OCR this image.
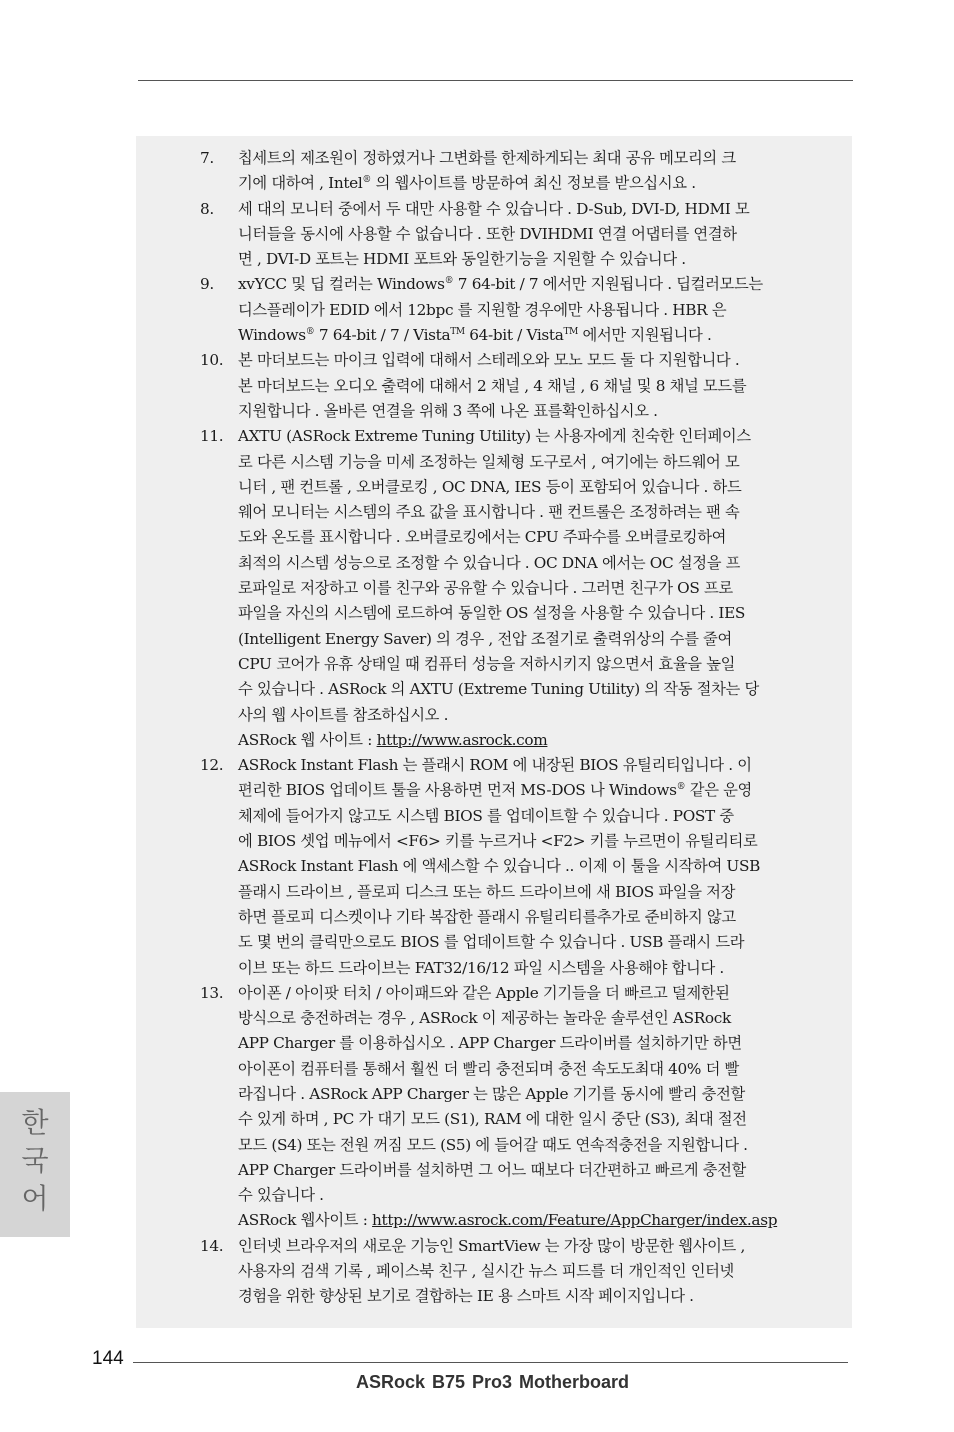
7. 칩세트의 제조원이 정하였거나 그변화를 한제하게되는 최대 공유 메모리의 크
기에 대하여 , Intel® 의 웹사이트를 방문하여 최신 정보를 받으십시요 .
8. 세 대의 모니터 중에서 두 대만 사용할 수 있습니다 . D-Sub, DVI-D, HDMI 모
니터들을 동시에 사용할 수 없습니다 . 또한 DVIHDMI 연결 어댑터를 연결하
면 , DVI-D 포트는 HDMI 포트와 동일한기능을 지원할 수 있습니다 .
9. xvYCC 및 딥 컬러는 Windows® 7 64-bit / 7 에서만 지원됩니다 . 딥컬러모드는
디스플레이가 EDID 에서 12bpc 를 지원할 경우에만 사용됩니다 . HBR 은
Windows® 7 64-bit / 7 / Vista™ 64-bit / Vista™ 에서만 지원됩니다 .
10. 본 마더보드는 마이크 입력에 대해서 스테레오와 모노 모드 둘 다 지원합니다 .
본 마더보드는 오디오 출력에 대해서 2 채널 , 4 채널 , 6 채널 및 8 채널 모드를
지원합니다 . 올바른 연결을 위해 3 쪽에 나온 표를확인하십시오 .
11. AXTU (ASRock Extreme Tuning Utility) 는 사용자에게 친숙한 인터페이스
로 다른 시스템 기능을 미세 조정하는 일체형 도구로서 , 여기에는 하드웨어 모
니터 , 팬 컨트롤 , 오버클로킹 , OC DNA, IES 등이 포함되어 있습니다 . 하드
웨어 모니터는 시스템의 주요 값을 표시합니다 . 팬 컨트롤은 조정하려는 팬 속
도와 온도를 표시합니다 . 오버클로킹에서는 CPU 주파수를 오버클로킹하여
최적의 시스템 성능으로 조정할 수 있습니다 . OC DNA 에서는 OC 설정을 프
로파일로 저장하고 이를 친구와 공유할 수 있습니다 . 그러면 친구가 OS 프로
파일을 자신의 시스템에 로드하여 동일한 OS 설정을 사용할 수 있습니다 . IES
(Intelligent Energy Saver) 의 경우 , 전압 조절기로 출력위상의 수를 줄여
CPU 코어가 유휴 상태일 때 컴퓨터 성능을 저하시키지 않으면서 효율을 높일
수 있습니다 . ASRock 의 AXTU (Extreme Tuning Utility) 의 작동 절차는 당
사의 웹 사이트를 참조하십시오 .
ASRock 웹 사이트 : http://www.asrock.com
12. ASRock Instant Flash 는 플래시 ROM 에 내장된 BIOS 유틸리티입니다 . 이
편리한 BIOS 업데이트 툴을 사용하면 먼저 MS-DOS 나 Windows® 같은 운영
체제에 들어가지 않고도 시스템 BIOS 를 업데이트할 수 있습니다 . POST 중
에 BIOS 셋업 메뉴에서 <F6> 키를 누르거나 <F2> 키를 누르면이 유틸리티로
ASRock Instant Flash 에 액세스할 수 있습니다 .. 이제 이 툴을 시작하여 USB
플래시 드라이브 , 플로피 디스크 또는 하드 드라이브에 새 BIOS 파일을 저장
하면 플로피 디스켓이나 기타 복잡한 플래시 유틸리티를추가로 준비하지 않고
도 몇 번의 클릭만으로도 BIOS 를 업데이트할 수 있습니다 . USB 플래시 드라
이브 또는 하드 드라이브는 FAT32/16/12 파일 시스템을 사용해야 합니다 .
13. 아이폰 / 아이팟 터치 / 아이패드와 같은 Apple 기기들을 더 빠르고 덜제한된
방식으로 충전하려는 경우 , ASRock 이 제공하는 놀라운 솔루션인 ASRock
APP Charger 를 이용하십시오 . APP Charger 드라이버를 설치하기만 하면
아이폰이 컴퓨터를 통해서 훨씬 더 빨리 충전되며 충전 속도도최대 40% 더 빨
라집니다 . ASRock APP Charger 는 많은 Apple 기기를 동시에 빨리 충전할
수 있게 하며 , PC 가 대기 모드 (S1), RAM 에 대한 일시 중단 (S3), 최대 절전
모드 (S4) 또는 전원 꺼짐 모드 (S5) 에 들어갈 때도 연속적충전을 지원합니다 .
APP Charger 드라이버를 설치하면 그 어느 때보다 더간편하고 빠르게 충전할
수 있습니다 .
ASRock 웹사이트 : http://www.asrock.com/Feature/AppCharger/index.asp
14. 인터넷 브라우저의 새로운 기능인 SmartView 는 가장 많이 방문한 웹사이트 ,
사용자의 검색 기록 , 페이스북 친구 , 실시간 뉴스 피드를 더 개인적인 인터넷
경험을 위한 향상된 보기로 결합하는 IE 용 스마트 시작 페이지입니다 .
한국어
144
ASRock B75 Pro3 Motherboard
